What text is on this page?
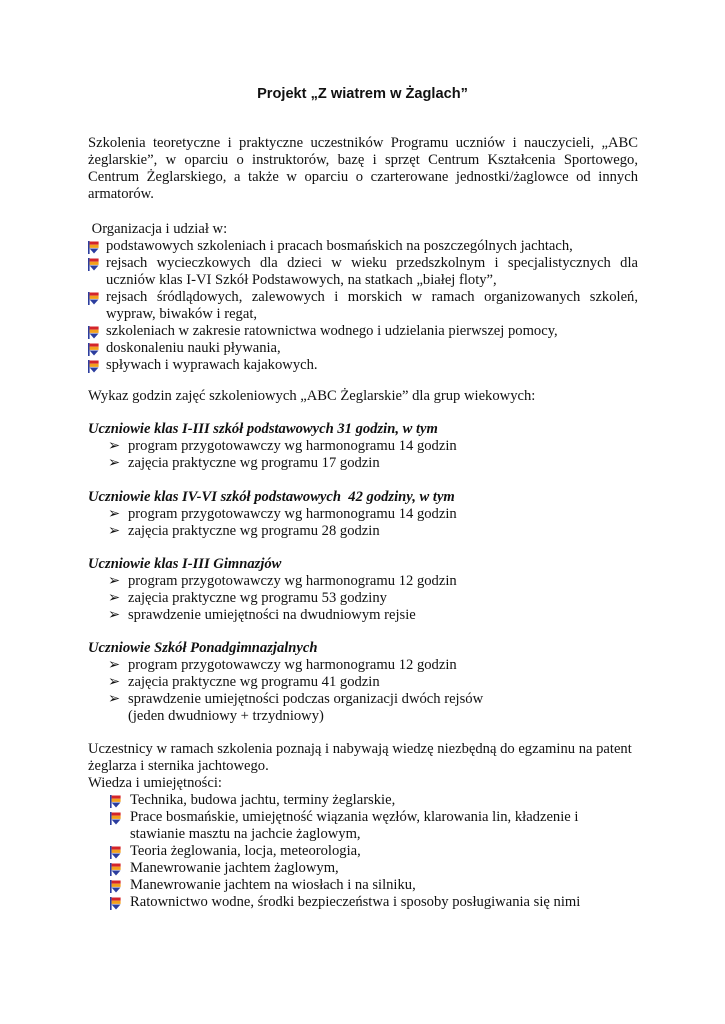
Projekt „Z wiatrem w Żaglach”

Szkolenia teoretyczne i praktyczne uczestników Programu uczniów i nauczycieli, „ABC żeglarskie”, w oparciu o instruktorów, bazę i sprzęt Centrum Kształcenia Sportowego, Centrum Żeglarskiego, a także w oparciu o czarterowane jednostki/żaglowce od innych armatorów.

Organizacja i udział w:

podstawowych szkoleniach i pracach bosmańskich na poszczególnych jachtach,
rejsach wycieczkowych dla dzieci w wieku przedszkolnym i specjalistycznych dla uczniów klas I-VI Szkół Podstawowych, na statkach „białej floty”,
rejsach śródlądowych, zalewowych i morskich w ramach organizowanych szkoleń, wypraw, biwaków i regat,
szkoleniach w zakresie ratownictwa wodnego i udzielania pierwszej pomocy,
doskonaleniu nauki pływania,
spływach i wyprawach kajakowych.

Wykaz godzin zajęć szkoleniowych „ABC Żeglarskie” dla grup wiekowych:

Uczniowie klas I-III szkół podstawowych 31 godzin, w tym

➢ program przygotowawczy wg harmonogramu 14 godzin
➢ zajęcia praktyczne wg programu 17 godzin

Uczniowie klas IV-VI szkół podstawowych  42 godziny, w tym

➢ program przygotowawczy wg harmonogramu 14 godzin
➢ zajęcia praktyczne wg programu 28 godzin

Uczniowie klas I-III Gimnazjów

➢ program przygotowawczy wg harmonogramu 12 godzin
➢ zajęcia praktyczne wg programu 53 godziny
➢ sprawdzenie umiejętności na dwudniowym rejsie

Uczniowie Szkół Ponadgimnazjalnych

➢ program przygotowawczy wg harmonogramu 12 godzin
➢ zajęcia praktyczne wg programu 41 godzin
➢ sprawdzenie umiejętności podczas organizacji dwóch rejsów (jeden dwudniowy + trzydniowy)

Uczestnicy w ramach szkolenia poznają i nabywają wiedzę niezbędną do egzaminu na patent żeglarza i sternika jachtowego.

Wiedza i umiejętności:

Technika, budowa jachtu, terminy żeglarskie,
Prace bosmańskie, umiejętność wiązania węzłów, klarowania lin, kładzenie i stawianie masztu na jachcie żaglowym,
Teoria żeglowania, locja, meteorologia,
Manewrowanie jachtem żaglowym,
Manewrowanie jachtem na wiosłach i na silniku,
Ratownictwo wodne, środki bezpieczeństwa i sposoby posługiwania się nimi
